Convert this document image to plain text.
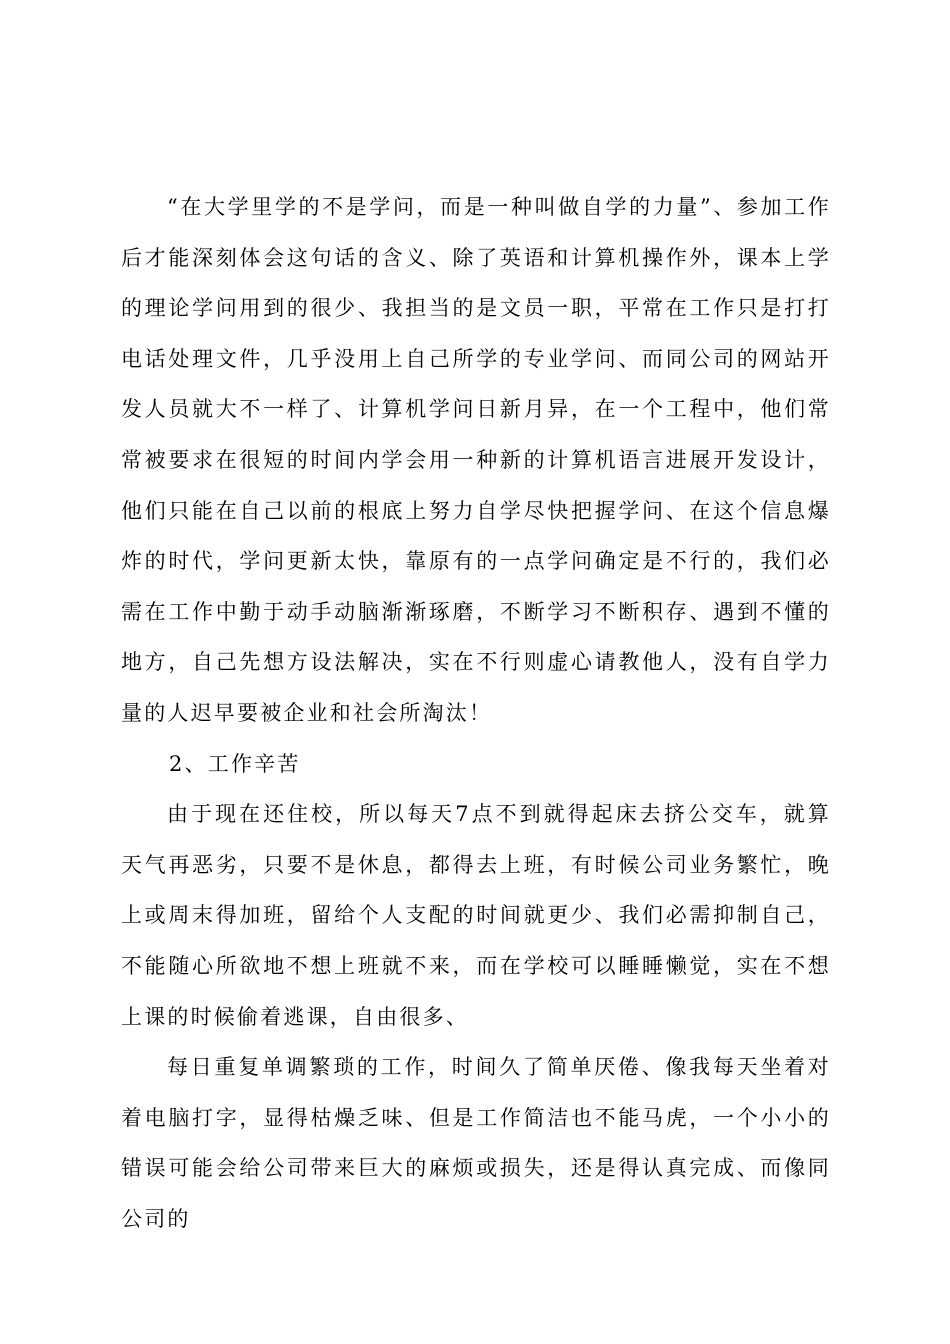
“在大学里学的不是学问，而是一种叫做自学的力量”、参加工作后才能深刻体会这句话的含义、除了英语和计算机操作外，课本上学的理论学问用到的很少、我担当的是文员一职，平常在工作只是打打电话处理文件，几乎没用上自己所学的专业学问、而同公司的网站开发人员就大不一样了、计算机学问日新月异，在一个工程中，他们常常被要求在很短的时间内学会用一种新的计算机语言进展开发设计，他们只能在自己以前的根底上努力自学尽快把握学问、在这个信息爆炸的时代，学问更新太快，靠原有的一点学问确定是不行的，我们必需在工作中勤于动手动脑渐渐琢磨，不断学习不断积存、遇到不懂的地方，自己先想方设法解决，实在不行则虚心请教他人，没有自学力量的人迟早要被企业和社会所淘汰！

2、工作辛苦

由于现在还住校，所以每天7点不到就得起床去挤公交车，就算天气再恶劣，只要不是休息，都得去上班，有时候公司业务繁忙，晚上或周末得加班，留给个人支配的时间就更少、我们必需抑制自己，不能随心所欲地不想上班就不来，而在学校可以睡睡懒觉，实在不想上课的时候偷着逃课，自由很多、

每日重复单调繁琐的工作，时间久了简单厌倦、像我每天坐着对着电脑打字，显得枯燥乏味、但是工作简洁也不能马虎，一个小小的错误可能会给公司带来巨大的麻烦或损失，还是得认真完成、而像同公司的
